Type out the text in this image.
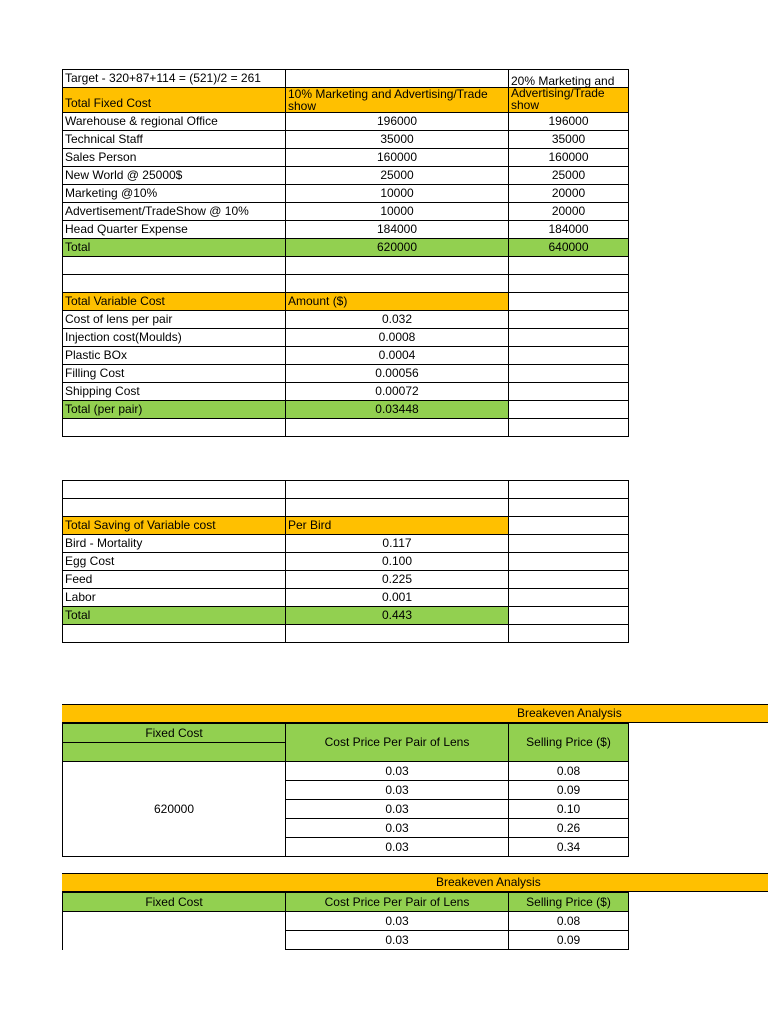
Target - 320+87+114 = (521)/2 = 261		
Total Fixed Cost	10% Marketing and Advertising/Trade show	20% Marketing and Advertising/Trade show

Warehouse & regional Office	196000	196000
Technical Staff	35000	35000
Sales Person	160000	160000
New World @ 25000$	25000	25000
Marketing @10%	10000	20000
Advertisement/TradeShow @ 10%	10000	20000
Head Quarter Expense	184000	184000
Total	620000	640000

Total Variable Cost	Amount ($)	
Cost of lens per pair	0.032	
Injection cost(Moulds)	0.0008	
Plastic BOx	0.0004	
Filling Cost	0.00056	
Shipping Cost	0.00072	
Total (per pair)	0.03448	

Total Saving of Variable cost	Per Bird	
Bird - Mortality	0.117	
Egg Cost	0.100	
Feed	0.225	
Labor	0.001	
Total	0.443	

Breakeven Analysis
Fixed Cost	Cost Price Per Pair of Lens	Selling Price ($)

620000	0.03	0.08
	0.03	0.09
	0.03	0.10
	0.03	0.26
	0.03	0.34
Breakeven Analysis
Fixed Cost	Cost Price Per Pair of Lens	Selling Price ($)
	0.03	0.08
	0.03	0.09
